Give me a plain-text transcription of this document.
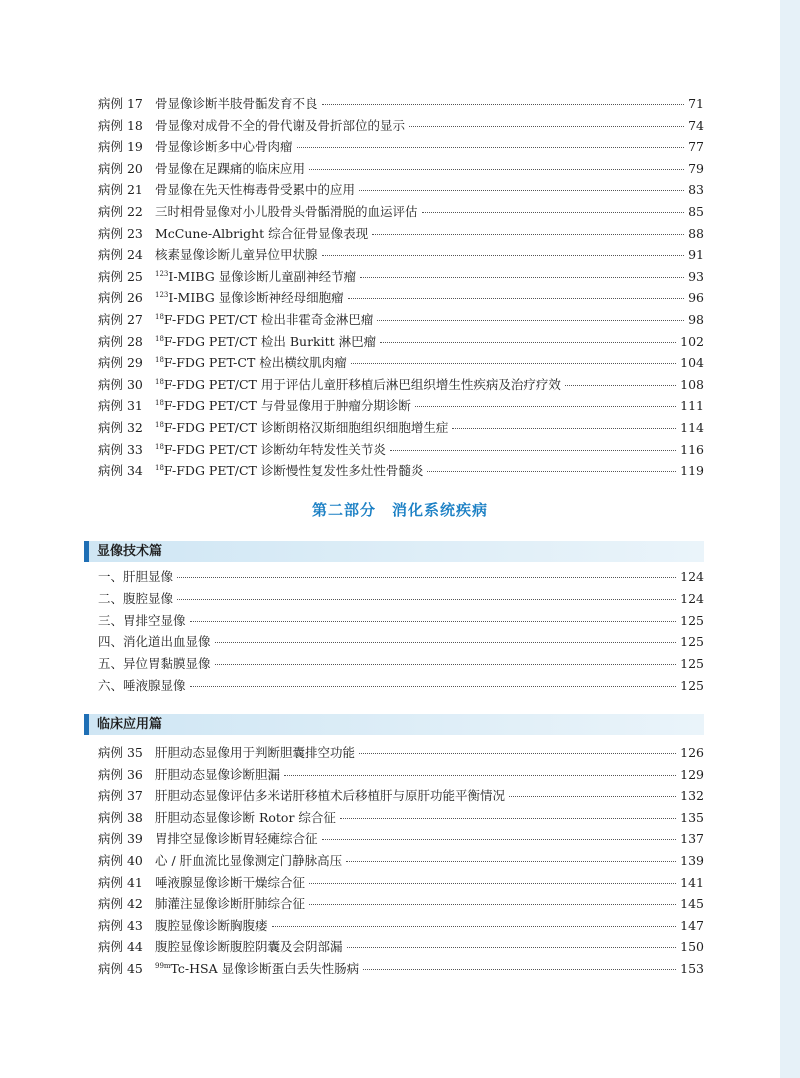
病例 17 骨显像诊断半肢骨骺发育不良	71
病例 18 骨显像对成骨不全的骨代谢及骨折部位的显示	74
病例 19 骨显像诊断多中心骨肉瘤	77
病例 20 骨显像在足踝痛的临床应用	79
病例 21 骨显像在先天性梅毒骨受累中的应用	83
病例 22 三时相骨显像对小儿股骨头骨骺滑脱的血运评估	85
病例 23 McCune-Albright 综合征骨显像表现	88
病例 24 核素显像诊断儿童异位甲状腺	91
病例 25	$^{123}$I-MIBG 显像诊断儿童副神经节瘤	93
病例 26	$^{123}$I-MIBG 显像诊断神经母细胞瘤	96
病例 27	$^{18}$F-FDG PET/CT 检出非霍奇金淋巴瘤	98
病例 28	$^{18}$F-FDG PET/CT 检出 Burkitt 淋巴瘤	102
病例 29	$^{18}$F-FDG PET-CT 检出横纹肌肉瘤	104
病例 30	$^{18}$F-FDG PET/CT 用于评估儿童肝移植后淋巴组织增生性疾病及治疗疗效	108
病例 31	$^{18}$F-FDG PET/CT 与骨显像用于肿瘤分期诊断	111
病例 32	$^{18}$F-FDG PET/CT 诊断朗格汉斯细胞组织细胞增生症	114
病例 33	$^{18}$F-FDG PET/CT 诊断幼年特发性关节炎	116
病例 34	$^{18}$F-FDG PET/CT 诊断慢性复发性多灶性骨髓炎	119
第二部分　消化系统疾病
显像技术篇
一、肝胆显像	124
二、腹腔显像	124
三、胃排空显像	125
四、消化道出血显像	125
五、异位胃黏膜显像	125
六、唾液腺显像	125
临床应用篇
病例 35 肝胆动态显像用于判断胆囊排空功能	126
病例 36 肝胆动态显像诊断胆漏	129
病例 37 肝胆动态显像评估多米诺肝移植术后移植肝与原肝功能平衡情况	132
病例 38 肝胆动态显像诊断 Rotor 综合征	135
病例 39 胃排空显像诊断胃轻瘫综合征	137
病例 40 心 / 肝血流比显像测定门静脉高压	139
病例 41 唾液腺显像诊断干燥综合征	141
病例 42 肺灌注显像诊断肝肺综合征	145
病例 43 腹腔显像诊断胸腹瘘	147
病例 44 腹腔显像诊断腹腔阴囊及会阴部漏	150
病例 45	$^{99m}$Tc-HSA 显像诊断蛋白丢失性肠病	153
